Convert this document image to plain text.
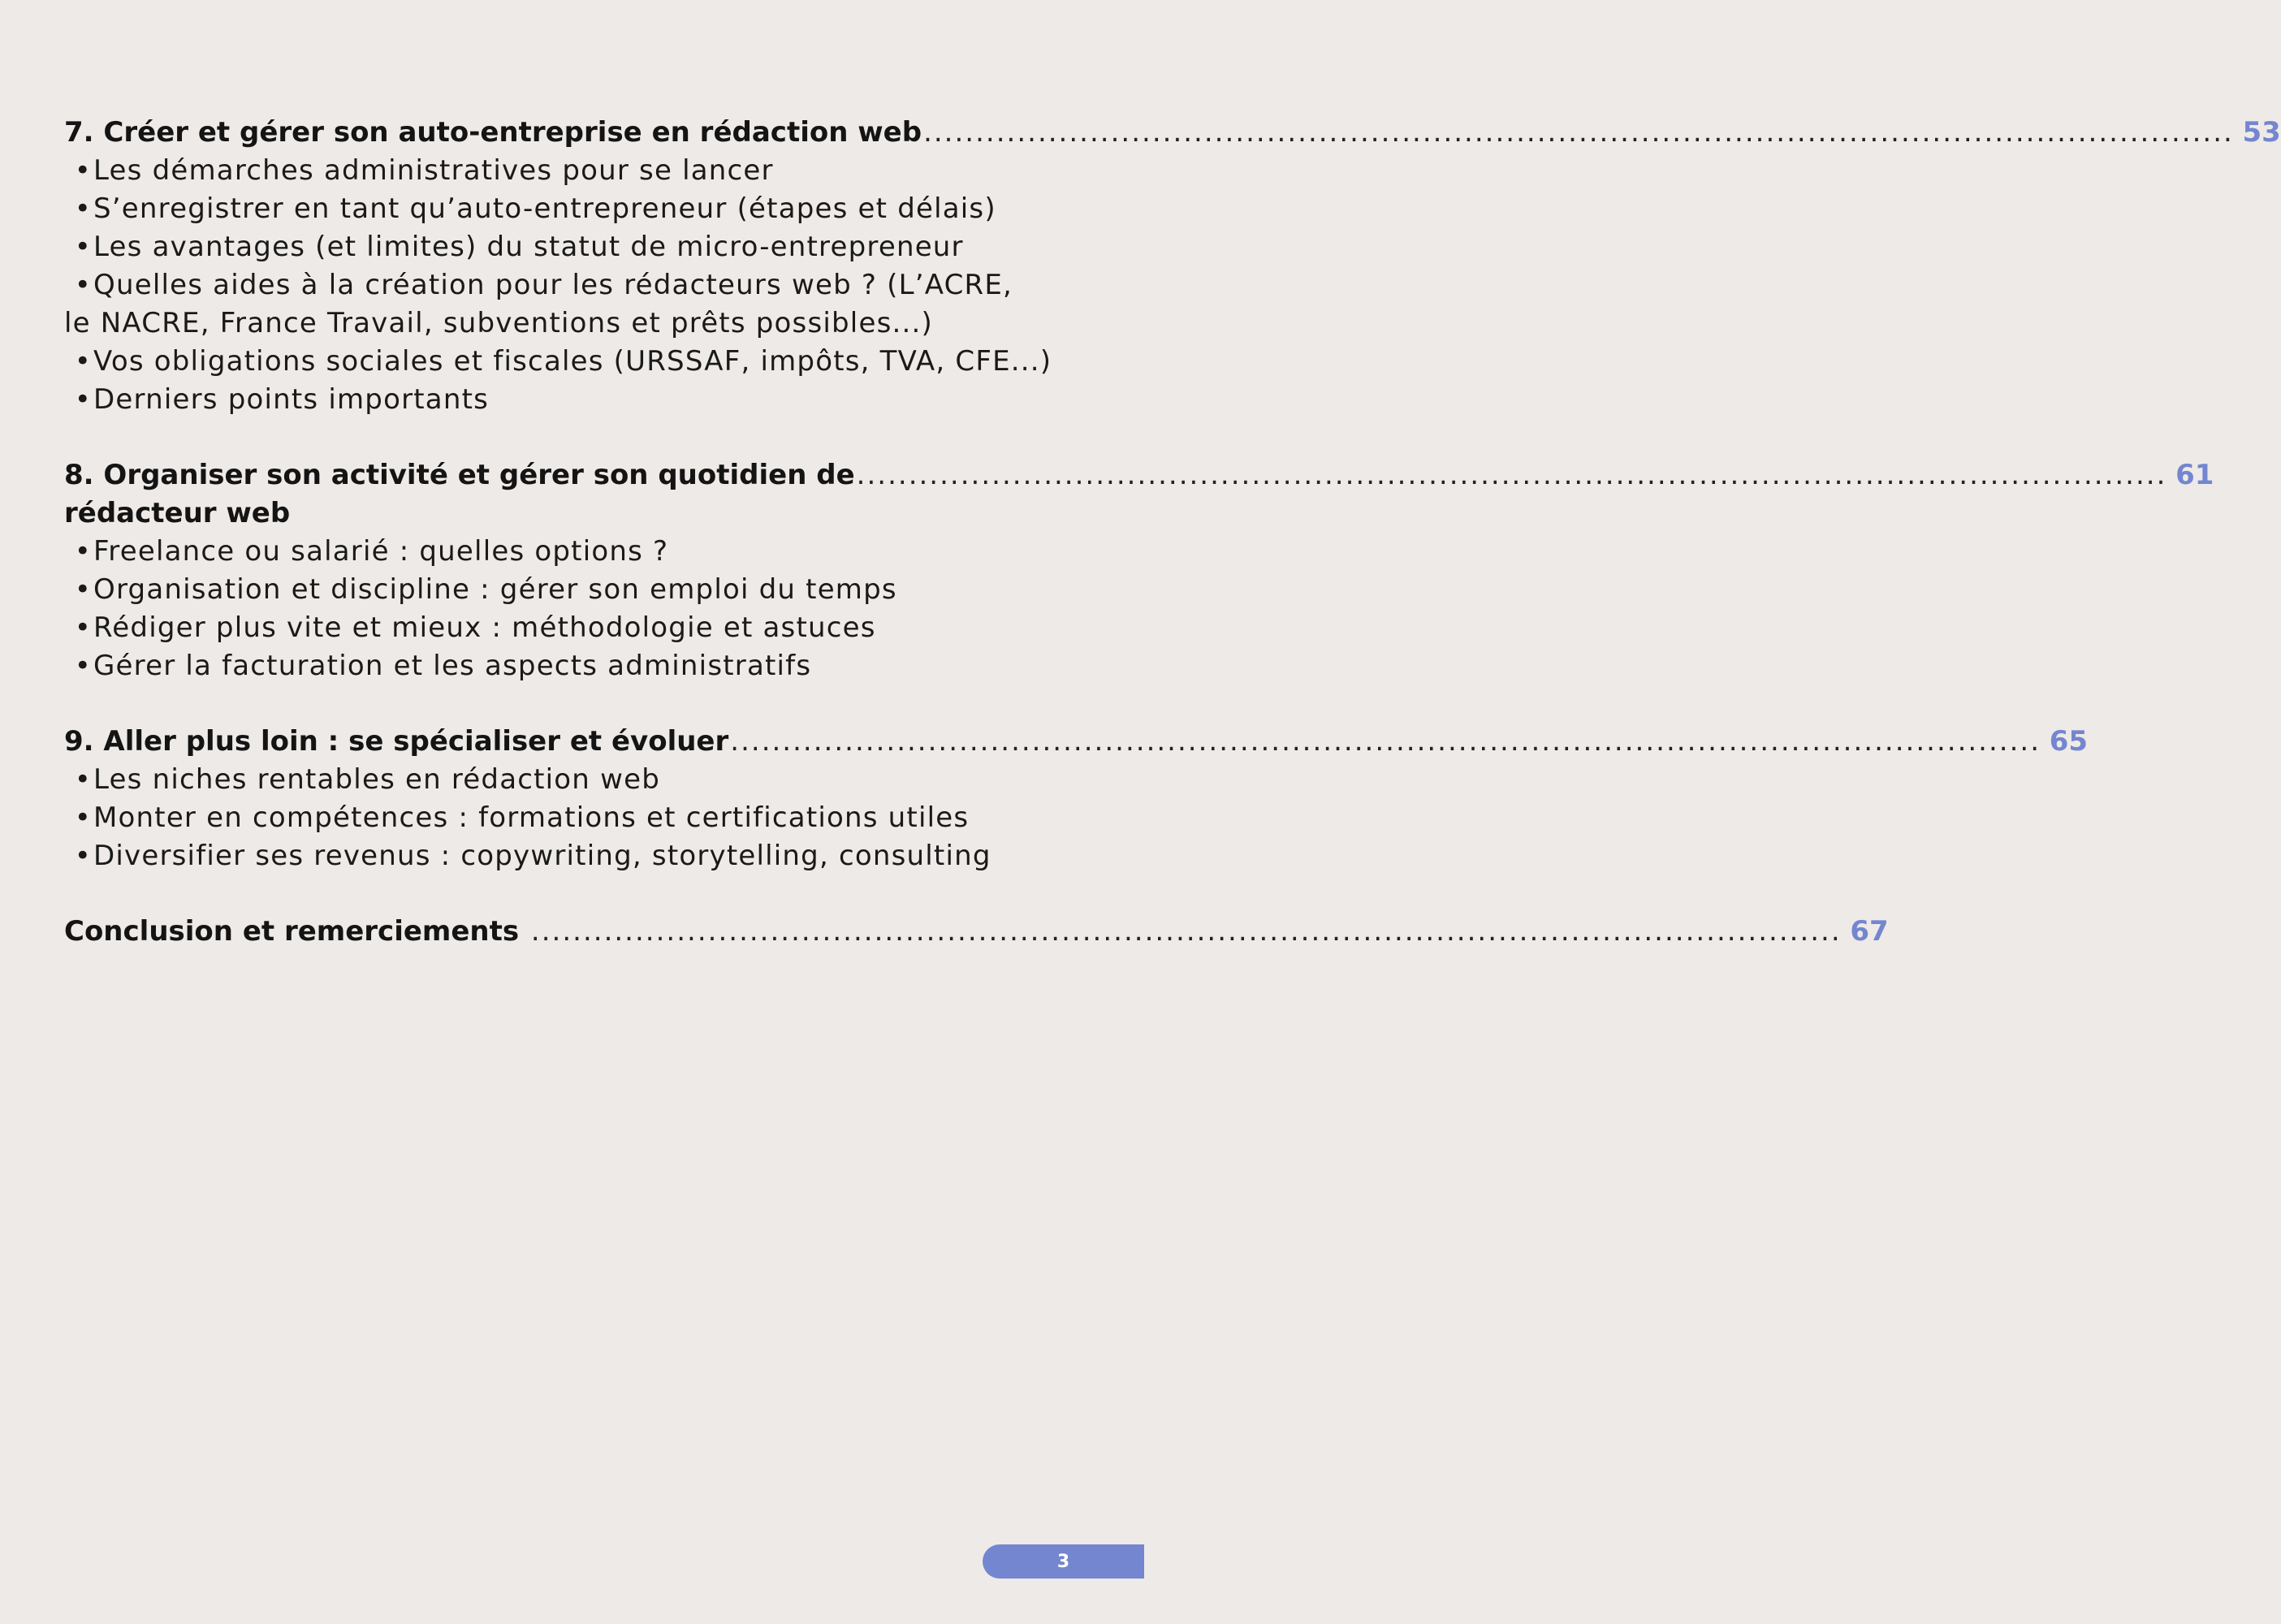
7. Créer et gérer son auto-entreprise en rédaction web .............................................................................................................................. 53
•Les démarches administratives pour se lancer
•S’enregistrer en tant qu’auto-entrepreneur (étapes et délais)
•Les avantages (et limites) du statut de micro-entrepreneur
•Quelles aides à la création pour les rédacteurs web ? (L’ACRE,
le NACRE, France Travail, subventions et prêts possibles...)
•Vos obligations sociales et fiscales (URSSAF, impôts, TVA, CFE...)
•Derniers points importants
8. Organiser son activité et gérer son quotidien de .............................................................................................................................. 61
rédacteur web
•Freelance ou salarié : quelles options ?
•Organisation et discipline : gérer son emploi du temps
•Rédiger plus vite et mieux : méthodologie et astuces
•Gérer la facturation et les aspects administratifs
9. Aller plus loin : se spécialiser et évoluer .............................................................................................................................. 65
•Les niches rentables en rédaction web
•Monter en compétences : formations et certifications utiles
•Diversifier ses revenus : copywriting, storytelling, consulting
Conclusion et remerciements .............................................................................................................................. 67
3
